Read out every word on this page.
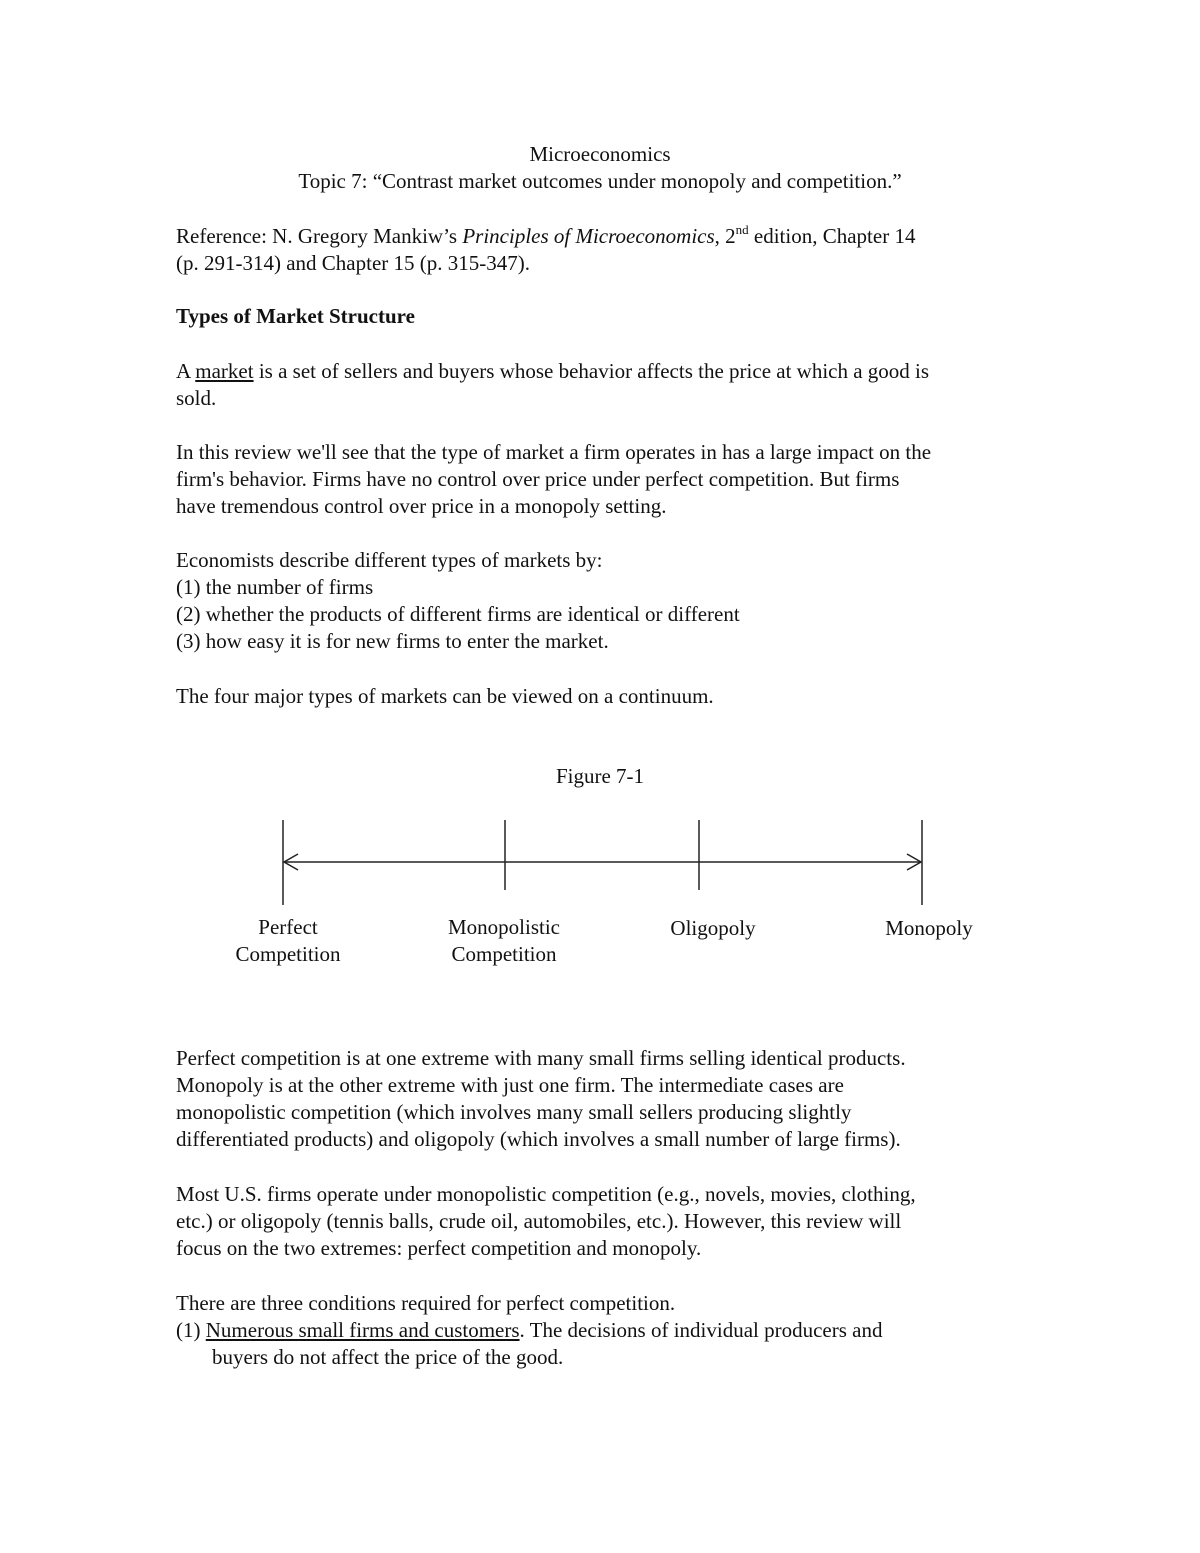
Microeconomics
Topic 7: “Contrast market outcomes under monopoly and competition.”
Reference: N. Gregory Mankiw’s Principles of Microeconomics, 2nd edition, Chapter 14
(p. 291-314) and Chapter 15 (p. 315-347).
Types of Market Structure
A market is a set of sellers and buyers whose behavior affects the price at which a good is
sold.
In this review we'll see that the type of market a firm operates in has a large impact on the
firm's behavior. Firms have no control over price under perfect competition. But firms
have tremendous control over price in a monopoly setting.
Economists describe different types of markets by:
(1) the number of firms
(2) whether the products of different firms are identical or different
(3) how easy it is for new firms to enter the market.
The four major types of markets can be viewed on a continuum.
Figure 7-1
Perfect
Competition
Monopolistic
Competition
Oligopoly	Monopoly
Perfect competition is at one extreme with many small firms selling identical products.
Monopoly is at the other extreme with just one firm. The intermediate cases are
monopolistic competition (which involves many small sellers producing slightly
differentiated products) and oligopoly (which involves a small number of large firms).
Most U.S. firms operate under monopolistic competition (e.g., novels, movies, clothing,
etc.) or oligopoly (tennis balls, crude oil, automobiles, etc.). However, this review will
focus on the two extremes: perfect competition and monopoly.
There are three conditions required for perfect competition.
(1) Numerous small firms and customers. The decisions of individual producers and
buyers do not affect the price of the good.
